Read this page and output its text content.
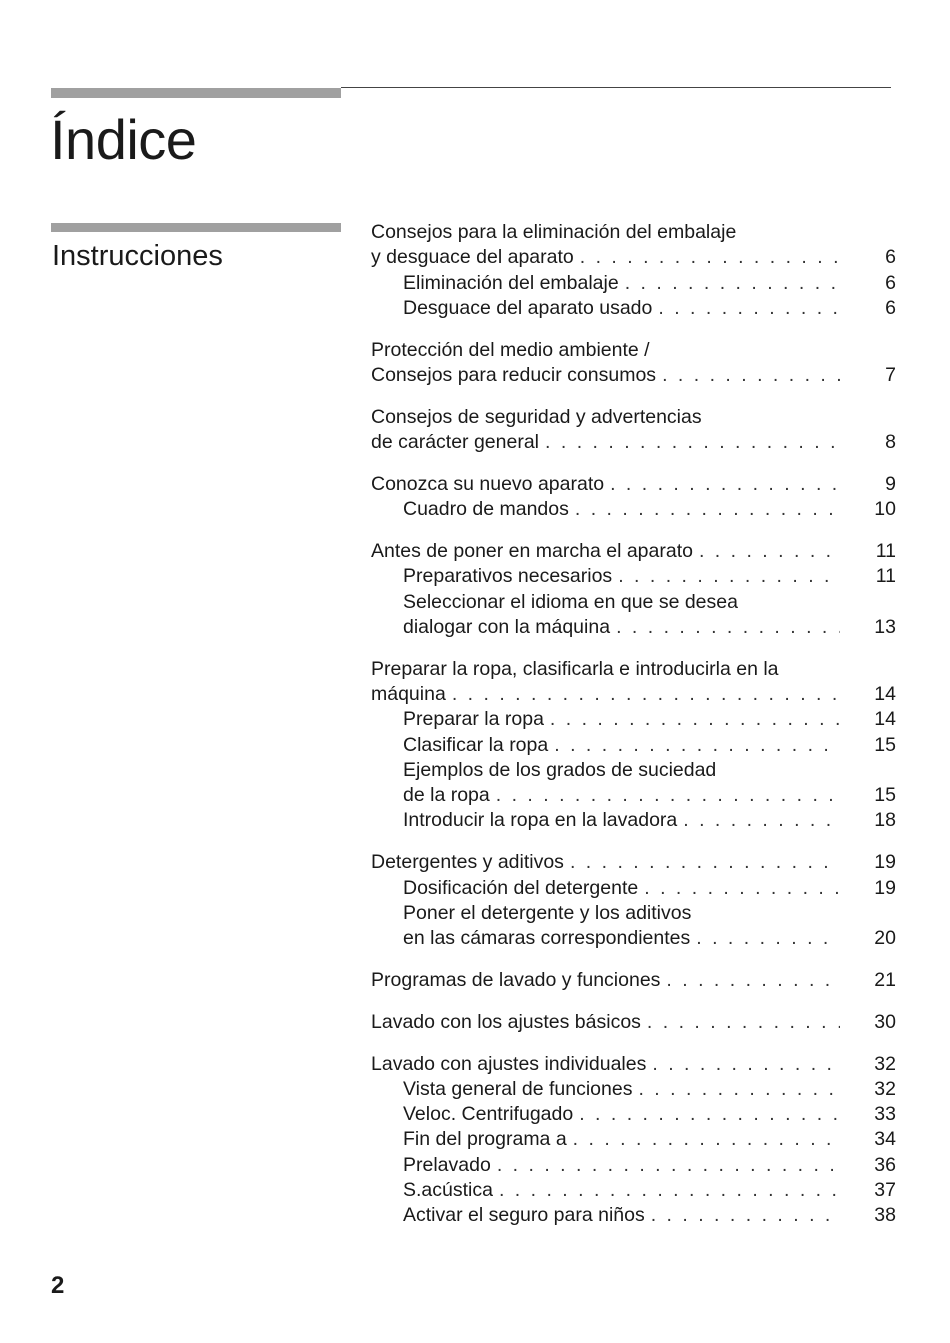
Índice
Instrucciones
Consejos para la eliminación del embalaje
y desguace del aparato . . .	6
Eliminación del embalaje . . .	6
Desguace del aparato usado . . .	6
Protección del medio ambiente /
Consejos para reducir consumos . . .	7
Consejos de seguridad y advertencias
de carácter general . . .	8
Conozca su nuevo aparato . . .	9
Cuadro de mandos . . .	10
Antes de poner en marcha el aparato . . .	11
Preparativos necesarios . . .	11
Seleccionar el idioma en que se desea
dialogar con la máquina . . .	13
Preparar la ropa, clasificarla e introducirla en la
máquina . . .	14
Preparar la ropa . . .	14
Clasificar la ropa . . .	15
Ejemplos de los grados de suciedad
de la ropa . . .	15
Introducir la ropa en la lavadora . . .	18
Detergentes y aditivos . . .	19
Dosificación del detergente . . .	19
Poner el detergente y los aditivos
en las cámaras correspondientes . . .	20
Programas de lavado y funciones . . .	21
Lavado con los ajustes básicos . . .	30
Lavado con ajustes individuales . . .	32
Vista general de funciones . . .	32
Veloc. Centrifugado . . .	33
Fin del programa a . . .	34
Prelavado . . .	36
S.acústica . . .	37
Activar el seguro para niños . . .	38

2
